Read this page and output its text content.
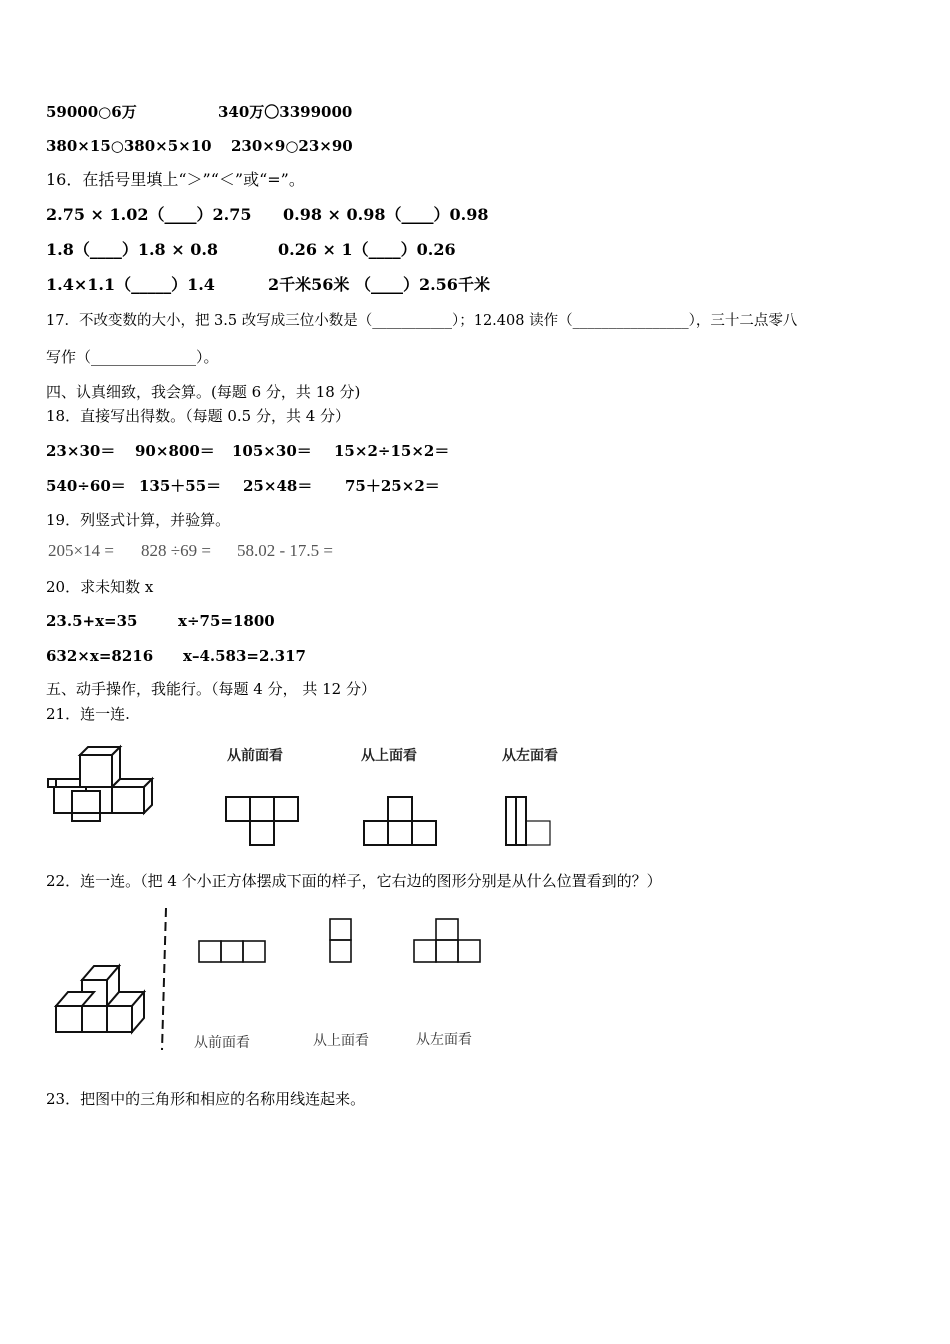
59000○6万	340万〇3399000
380×15○380×5×10 230×9○23×90
16．在括号里填上“＞”“＜”或“=”。
2.75 × 1.02（____）2.75 0.98 × 0.98（____）0.98
1.8（____）1.8 × 0.8	0.26 × 1（____）0.26
1.4×1.1（_____）1.4	2千米56米 （____）2.56千米
17．不改变数的大小，把 3.5 改写成三位小数是（___________）；12.408 读作（________________），三十二点零八
写作（______________）。
四、认真细致，我会算。(每题 6 分，共 18 分)
18．直接写出得数。（每题 0.5 分，共 4 分）
23×30＝ 90×800＝ 105×30＝ 15×2÷15×2＝
540÷60＝ 135＋55＝ 25×48＝ 75＋25×2＝
19．列竖式计算，并验算。
205×14 = 828 ÷69 = 58.02 - 17.5 =
20．求未知数 x
23.5+x=35	x÷75=1800
632×x=8216 x–4.583=2.317
五、动手操作，我能行。（每题 4 分， 共 12 分）
21．连一连.
从前面看	从上面看	从左面看
22．连一连。（把 4 个小正方体摆成下面的样子，它右边的图形分别是从什么位置看到的？）
从前面看	从上面看	从左面看
23．把图中的三角形和相应的名称用线连起来。
